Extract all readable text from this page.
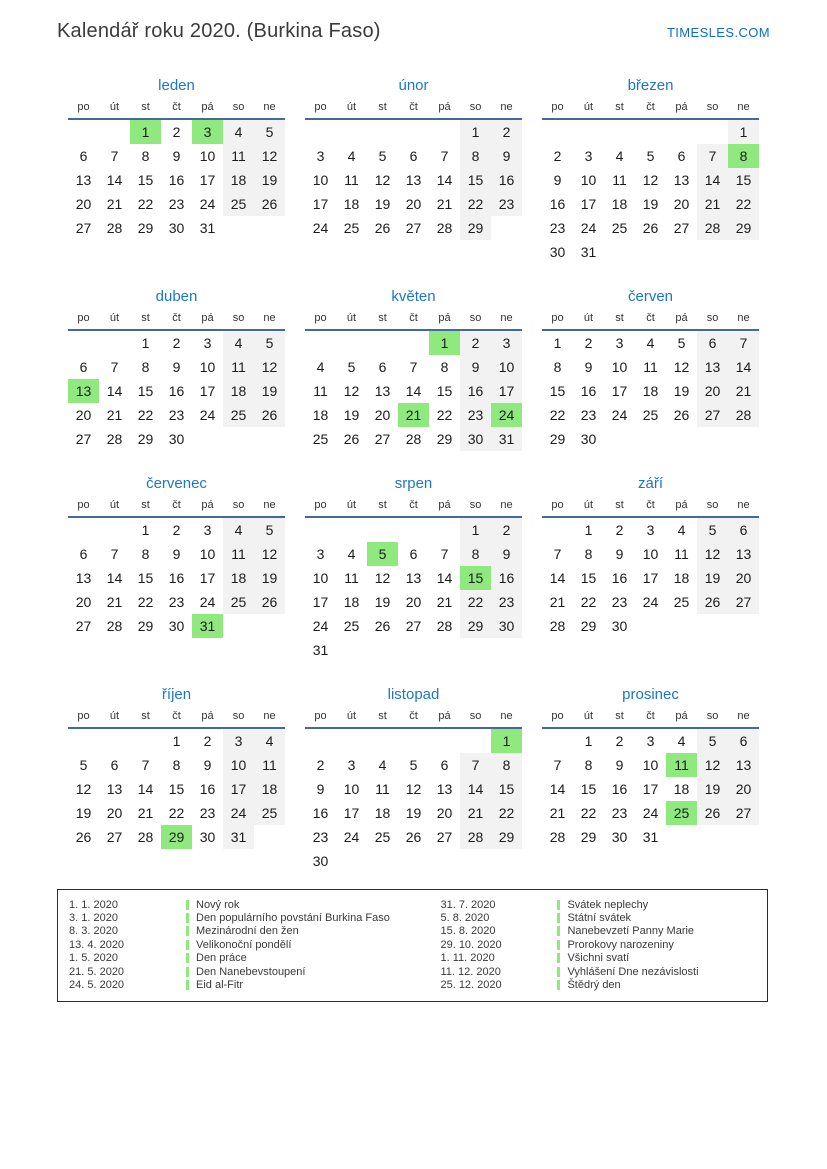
Kalendář roku 2020. (Burkina Faso)	TIMESLES.COM
leden
po	út	st	čt	pá	so	ne
		1	2	3	4	5
6	7	8	9	10	11	12
13	14	15	16	17	18	19
20	21	22	23	24	25	26
27	28	29	30	31		
únor
po	út	st	čt	pá	so	ne
					1	2
3	4	5	6	7	8	9
10	11	12	13	14	15	16
17	18	19	20	21	22	23
24	25	26	27	28	29	
březen
po	út	st	čt	pá	so	ne
						1
2	3	4	5	6	7	8
9	10	11	12	13	14	15
16	17	18	19	20	21	22
23	24	25	26	27	28	29
30	31					
duben
po	út	st	čt	pá	so	ne
		1	2	3	4	5
6	7	8	9	10	11	12
13	14	15	16	17	18	19
20	21	22	23	24	25	26
27	28	29	30			
květen
po	út	st	čt	pá	so	ne
				1	2	3
4	5	6	7	8	9	10
11	12	13	14	15	16	17
18	19	20	21	22	23	24
25	26	27	28	29	30	31
červen
po	út	st	čt	pá	so	ne
1	2	3	4	5	6	7
8	9	10	11	12	13	14
15	16	17	18	19	20	21
22	23	24	25	26	27	28
29	30					
červenec
po	út	st	čt	pá	so	ne
		1	2	3	4	5
6	7	8	9	10	11	12
13	14	15	16	17	18	19
20	21	22	23	24	25	26
27	28	29	30	31		
srpen
po	út	st	čt	pá	so	ne
					1	2
3	4	5	6	7	8	9
10	11	12	13	14	15	16
17	18	19	20	21	22	23
24	25	26	27	28	29	30
31						
září
po	út	st	čt	pá	so	ne
	1	2	3	4	5	6
7	8	9	10	11	12	13
14	15	16	17	18	19	20
21	22	23	24	25	26	27
28	29	30				
říjen
po	út	st	čt	pá	so	ne
			1	2	3	4
5	6	7	8	9	10	11
12	13	14	15	16	17	18
19	20	21	22	23	24	25
26	27	28	29	30	31	
listopad
po	út	st	čt	pá	so	ne
						1
2	3	4	5	6	7	8
9	10	11	12	13	14	15
16	17	18	19	20	21	22
23	24	25	26	27	28	29
30						
prosinec
po	út	st	čt	pá	so	ne
	1	2	3	4	5	6
7	8	9	10	11	12	13
14	15	16	17	18	19	20
21	22	23	24	25	26	27
28	29	30	31			
1. 1. 2020	Nový rok
3. 1. 2020	Den populárního povstání Burkina Faso
8. 3. 2020	Mezinárodní den žen
13. 4. 2020	Velikonoční pondělí
1. 5. 2020	Den práce
21. 5. 2020	Den Nanebevstoupení
24. 5. 2020	Eid al-Fitr
31. 7. 2020	Svátek neplechy
5. 8. 2020	Státní svátek
15. 8. 2020	Nanebevzetí Panny Marie
29. 10. 2020	Prorokovy narozeniny
1. 11. 2020	Všichni svatí
11. 12. 2020	Vyhlášení Dne nezávislosti
25. 12. 2020	Štědrý den
